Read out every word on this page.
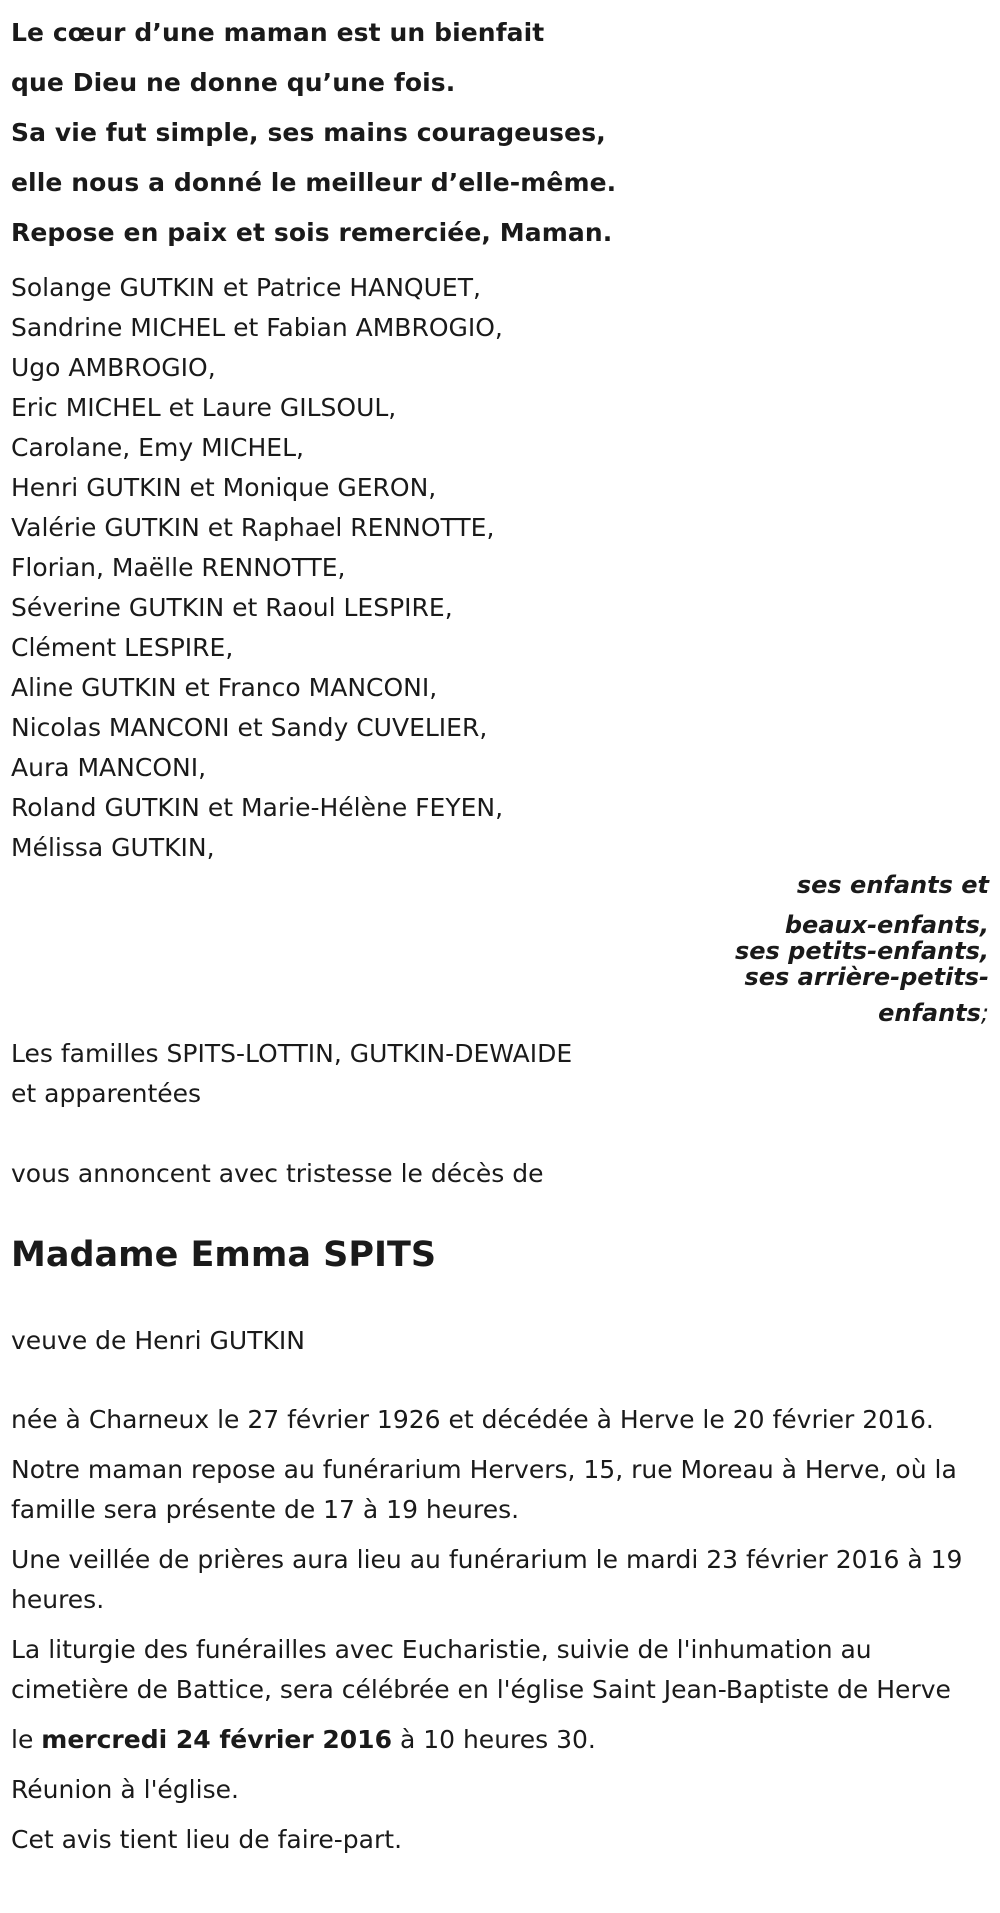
Le cœur d’une maman est un bienfait
que Dieu ne donne qu’une fois.
Sa vie fut simple, ses mains courageuses,
elle nous a donné le meilleur d’elle-même.
Repose en paix et sois remerciée, Maman.
Solange GUTKIN et Patrice HANQUET,
Sandrine MICHEL et Fabian AMBROGIO,
Ugo AMBROGIO,
Eric MICHEL et Laure GILSOUL,
Carolane, Emy MICHEL,
Henri GUTKIN et Monique GERON,
Valérie GUTKIN et Raphael RENNOTTE,
Florian, Maëlle RENNOTTE,
Séverine GUTKIN et Raoul LESPIRE,
Clément LESPIRE,
Aline GUTKIN et Franco MANCONI,
Nicolas MANCONI et Sandy CUVELIER,
Aura MANCONI,
Roland GUTKIN et Marie-Hélène FEYEN,
Mélissa GUTKIN,
ses enfants et
beaux-enfants,
ses petits-enfants,
ses arrière-petits-
enfants;
Les familles SPITS-LOTTIN, GUTKIN-DEWAIDE
et apparentées
vous annoncent avec tristesse le décès de
Madame Emma SPITS
veuve de Henri GUTKIN

née à Charneux le 27 février 1926 et décédée à Herve le 20 février 2016.

Notre maman repose au funérarium Hervers, 15, rue Moreau à Herve, où la famille sera présente de 17 à 19 heures.

Une veillée de prières aura lieu au funérarium le mardi 23 février 2016 à 19 heures.

La liturgie des funérailles avec Eucharistie, suivie de l'inhumation au cimetière de Battice, sera célébrée en l'église Saint Jean-Baptiste de Herve

le mercredi 24 février 2016 à 10 heures 30.

Réunion à l'église.

Cet avis tient lieu de faire-part.
